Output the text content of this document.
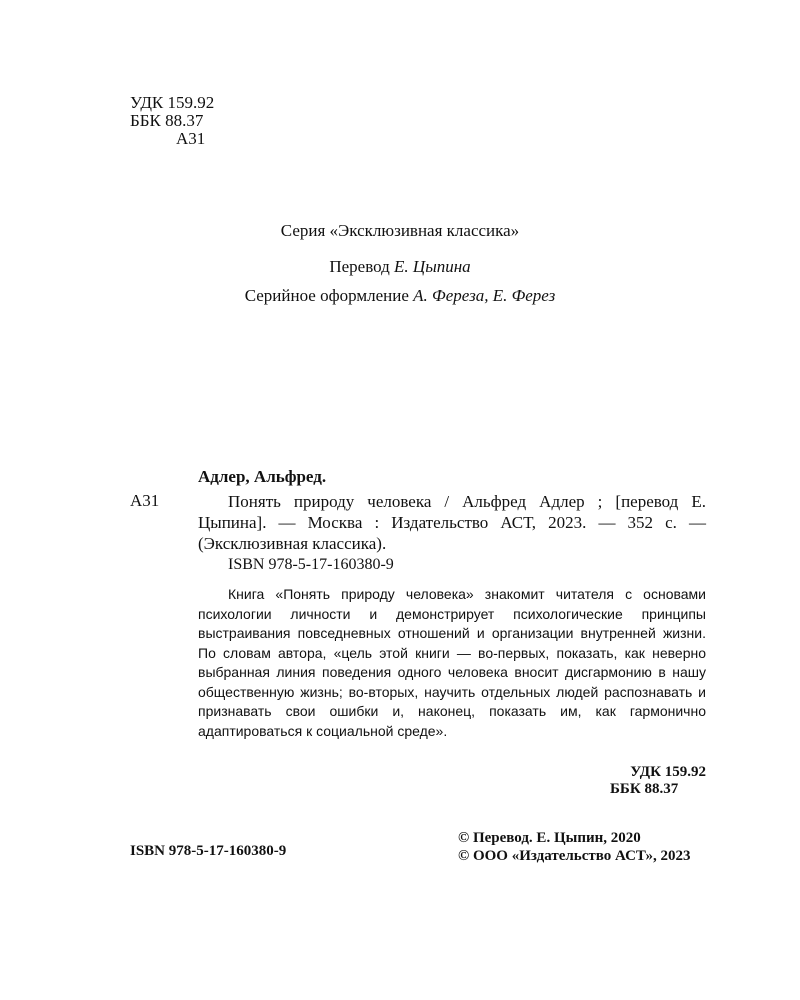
УДК 159.92
ББК 88.37
А31
Серия «Эксклюзивная классика»
Перевод Е. Цыпина
Серийное оформление А. Фереза, Е. Ферез
Адлер, Альфред.
А31	Понять природу человека / Альфред Адлер ; [перевод Е. Цыпина]. — Москва : Издательство АСТ, 2023. — 352 с. — (Эксклюзивная классика).
ISBN 978-5-17-160380-9
Книга «Понять природу человека» знакомит читателя с основами психологии личности и демонстрирует психологические принципы выстраивания повседневных отношений и организации внутренней жизни. По словам автора, «цель этой книги — во-первых, показать, как неверно выбранная линия поведения одного человека вносит дисгармонию в нашу общественную жизнь; во-вторых, научить отдельных людей распознавать и признавать свои ошибки и, наконец, показать им, как гармонично адаптироваться к социальной среде».
УДК 159.92
ББК 88.37
ISBN 978-5-17-160380-9
© Перевод. Е. Цыпин, 2020
© ООО «Издательство АСТ», 2023
